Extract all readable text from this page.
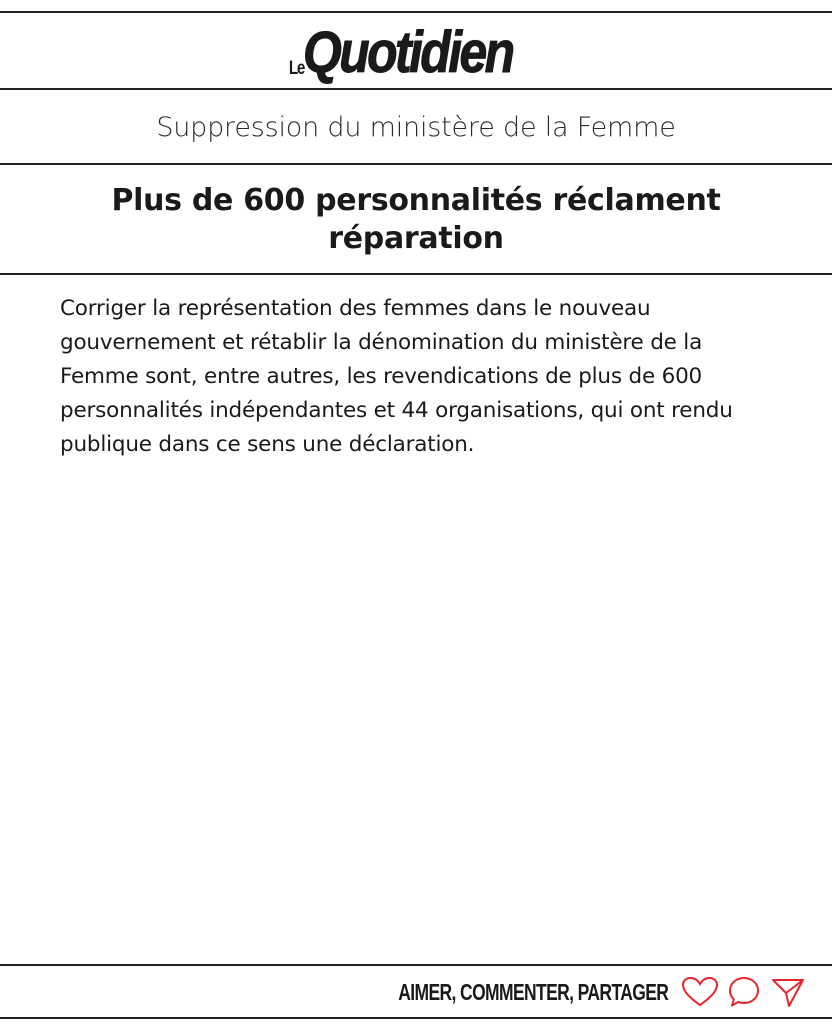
Le Quotidien
Suppression du ministère de la Femme
Plus de 600 personnalités réclament réparation

Corriger la représentation des femmes dans le nouveau gouvernement et rétablir la dénomination du ministère de la Femme sont, entre autres, les revendications de plus de 600 personnalités indépendantes et 44 organisations, qui ont rendu publique dans ce sens une déclaration.

AIMER, COMMENTER, PARTAGER
